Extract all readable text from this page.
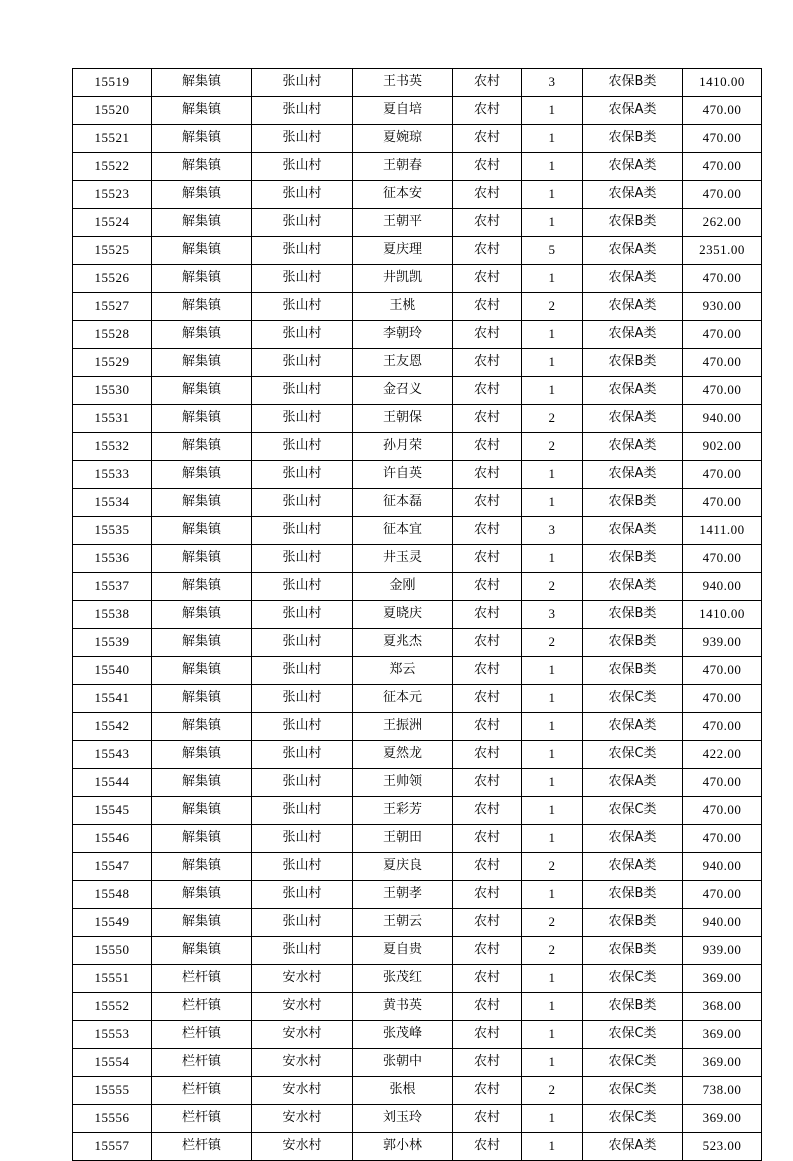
15519	解集镇	张山村	王书英	农村	3	农保B类	1410.00
15520	解集镇	张山村	夏自培	农村	1	农保A类	470.00
15521	解集镇	张山村	夏婉琼	农村	1	农保B类	470.00
15522	解集镇	张山村	王朝春	农村	1	农保A类	470.00
15523	解集镇	张山村	征本安	农村	1	农保A类	470.00
15524	解集镇	张山村	王朝平	农村	1	农保B类	262.00
15525	解集镇	张山村	夏庆理	农村	5	农保A类	2351.00
15526	解集镇	张山村	井凯凯	农村	1	农保A类	470.00
15527	解集镇	张山村	王桃	农村	2	农保A类	930.00
15528	解集镇	张山村	李朝玲	农村	1	农保A类	470.00
15529	解集镇	张山村	王友恩	农村	1	农保B类	470.00
15530	解集镇	张山村	金召义	农村	1	农保A类	470.00
15531	解集镇	张山村	王朝保	农村	2	农保A类	940.00
15532	解集镇	张山村	孙月荣	农村	2	农保A类	902.00
15533	解集镇	张山村	许自英	农村	1	农保A类	470.00
15534	解集镇	张山村	征本磊	农村	1	农保B类	470.00
15535	解集镇	张山村	征本宜	农村	3	农保A类	1411.00
15536	解集镇	张山村	井玉灵	农村	1	农保B类	470.00
15537	解集镇	张山村	金刚	农村	2	农保A类	940.00
15538	解集镇	张山村	夏晓庆	农村	3	农保B类	1410.00
15539	解集镇	张山村	夏兆杰	农村	2	农保B类	939.00
15540	解集镇	张山村	郑云	农村	1	农保B类	470.00
15541	解集镇	张山村	征本元	农村	1	农保C类	470.00
15542	解集镇	张山村	王振洲	农村	1	农保A类	470.00
15543	解集镇	张山村	夏然龙	农村	1	农保C类	422.00
15544	解集镇	张山村	王帅领	农村	1	农保A类	470.00
15545	解集镇	张山村	王彩芳	农村	1	农保C类	470.00
15546	解集镇	张山村	王朝田	农村	1	农保A类	470.00
15547	解集镇	张山村	夏庆良	农村	2	农保A类	940.00
15548	解集镇	张山村	王朝孝	农村	1	农保B类	470.00
15549	解集镇	张山村	王朝云	农村	2	农保B类	940.00
15550	解集镇	张山村	夏自贵	农村	2	农保B类	939.00
15551	栏杆镇	安水村	张茂红	农村	1	农保C类	369.00
15552	栏杆镇	安水村	黄书英	农村	1	农保B类	368.00
15553	栏杆镇	安水村	张茂峰	农村	1	农保C类	369.00
15554	栏杆镇	安水村	张朝中	农村	1	农保C类	369.00
15555	栏杆镇	安水村	张根	农村	2	农保C类	738.00
15556	栏杆镇	安水村	刘玉玲	农村	1	农保C类	369.00
15557	栏杆镇	安水村	郭小林	农村	1	农保A类	523.00
